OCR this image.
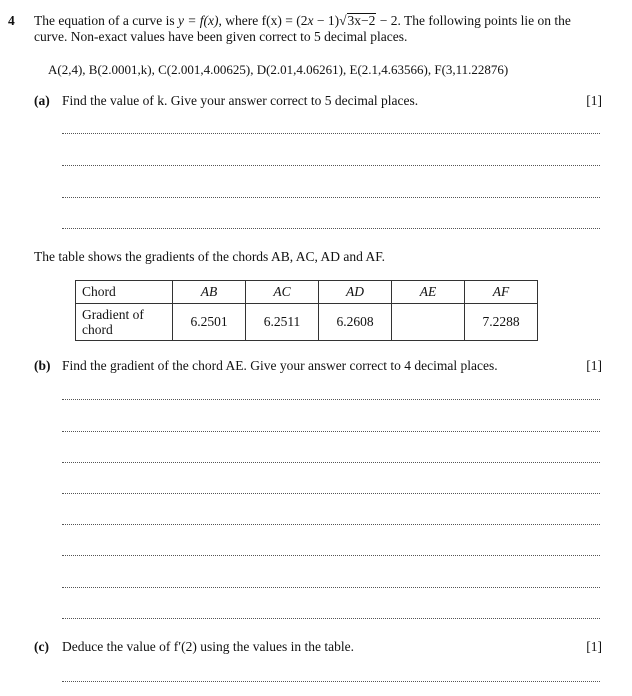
4 The equation of a curve is y = f(x), where f(x) = (2x − 1)√3x−2 − 2. The following points lie on the
curve. Non-exact values have been given correct to 5 decimal places.
A(2,4), B(2.0001,k), C(2.001,4.00625), D(2.01,4.06261), E(2.1,4.63566), F(3,11.22876)
(a) Find the value of k. Give your answer correct to 5 decimal places.	[1]
The table shows the gradients of the chords AB, AC, AD and AF.
Chord	AB	AC	AD	AE	AF

Gradient of
chord	6.2501	6.2511	6.2608		7.2288
(b) Find the gradient of the chord AE. Give your answer correct to 4 decimal places.	[1]
(c) Deduce the value of f′(2) using the values in the table.	[1]
